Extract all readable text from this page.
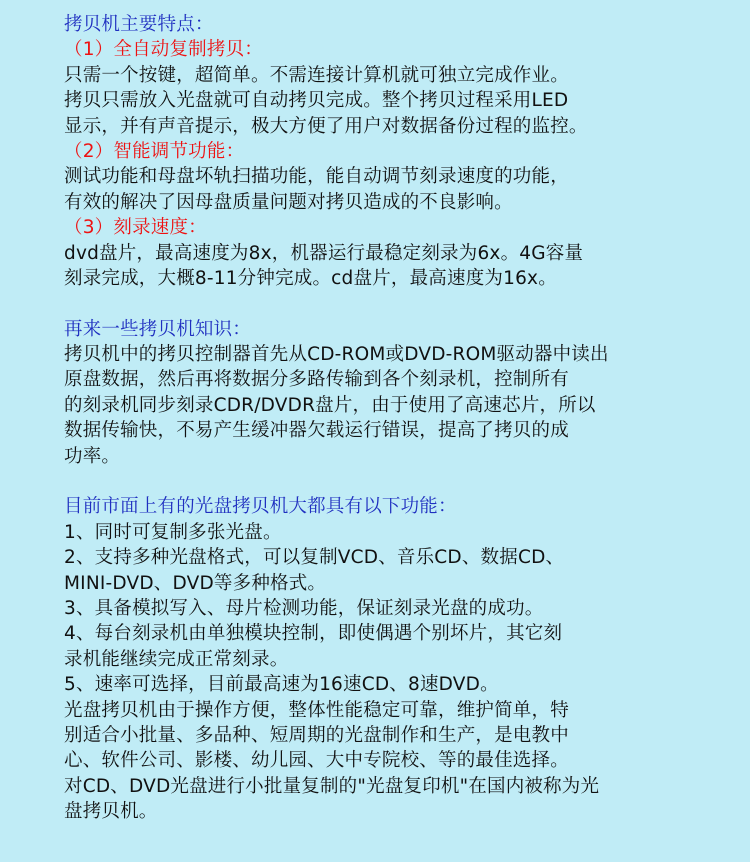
拷贝机主要特点：
（1）全自动复制拷贝：
只需一个按键，超简单。不需连接计算机就可独立完成作业。
拷贝只需放入光盘就可自动拷贝完成。整个拷贝过程采用LED
显示，并有声音提示，极大方便了用户对数据备份过程的监控。
（2）智能调节功能：
测试功能和母盘坏轨扫描功能，能自动调节刻录速度的功能，
有效的解决了因母盘质量问题对拷贝造成的不良影响。
（3）刻录速度：
dvd盘片，最高速度为8x，机器运行最稳定刻录为6x。4G容量
刻录完成，大概8-11分钟完成。cd盘片，最高速度为16x。
再来一些拷贝机知识：
拷贝机中的拷贝控制器首先从CD-ROM或DVD-ROM驱动器中读出
原盘数据，然后再将数据分多路传输到各个刻录机，控制所有
的刻录机同步刻录CDR/DVDR盘片，由于使用了高速芯片，所以
数据传输快，不易产生缓冲器欠载运行错误，提高了拷贝的成
功率。
目前市面上有的光盘拷贝机大都具有以下功能：
1、同时可复制多张光盘。
2、支持多种光盘格式，可以复制VCD、音乐CD、数据CD、
MINI-DVD、DVD等多种格式。
3、具备模拟写入、母片检测功能，保证刻录光盘的成功。
4、每台刻录机由单独模块控制，即使偶遇个别坏片，其它刻
录机能继续完成正常刻录。
5、速率可选择，目前最高速为16速CD、8速DVD。
光盘拷贝机由于操作方便，整体性能稳定可靠，维护简单，特
别适合小批量、多品种、短周期的光盘制作和生产，是电教中
心、软件公司、影楼、幼儿园、大中专院校、等的最佳选择。
对CD、DVD光盘进行小批量复制的"光盘复印机"在国内被称为光
盘拷贝机。
